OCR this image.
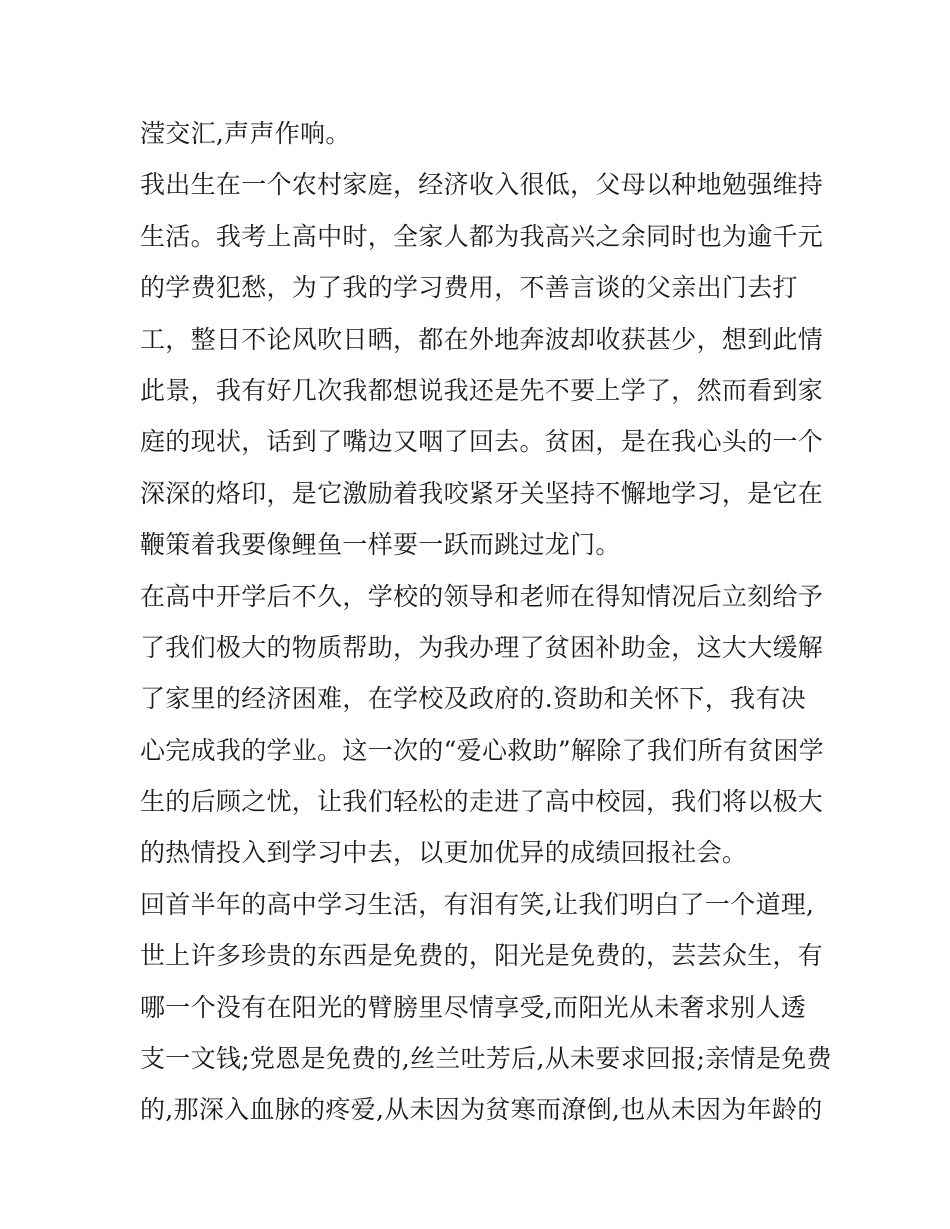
滢交汇,声声作响。
我出生在一个农村家庭，经济收入很低，父母以种地勉强维持
生活。我考上高中时，全家人都为我高兴之余同时也为逾千元
的学费犯愁，为了我的学习费用，不善言谈的父亲出门去打
工，整日不论风吹日晒，都在外地奔波却收获甚少，想到此情
此景，我有好几次我都想说我还是先不要上学了，然而看到家
庭的现状，话到了嘴边又咽了回去。贫困，是在我心头的一个
深深的烙印，是它激励着我咬紧牙关坚持不懈地学习，是它在
鞭策着我要像鲤鱼一样要一跃而跳过龙门。
在高中开学后不久，学校的领导和老师在得知情况后立刻给予
了我们极大的物质帮助，为我办理了贫困补助金，这大大缓解
了家里的经济困难，在学校及政府的.资助和关怀下，我有决
心完成我的学业。这一次的“爱心救助”解除了我们所有贫困学
生的后顾之忧，让我们轻松的走进了高中校园，我们将以极大
的热情投入到学习中去，以更加优异的成绩回报社会。
回首半年的高中学习生活，有泪有笑,让我们明白了一个道理,
世上许多珍贵的东西是免费的，阳光是免费的，芸芸众生，有
哪一个没有在阳光的臂膀里尽情享受,而阳光从未奢求别人透
支一文钱;党恩是免费的,丝兰吐芳后,从未要求回报;亲情是免费
的,那深入血脉的疼爱,从未因为贫寒而潦倒,也从未因为年龄的
